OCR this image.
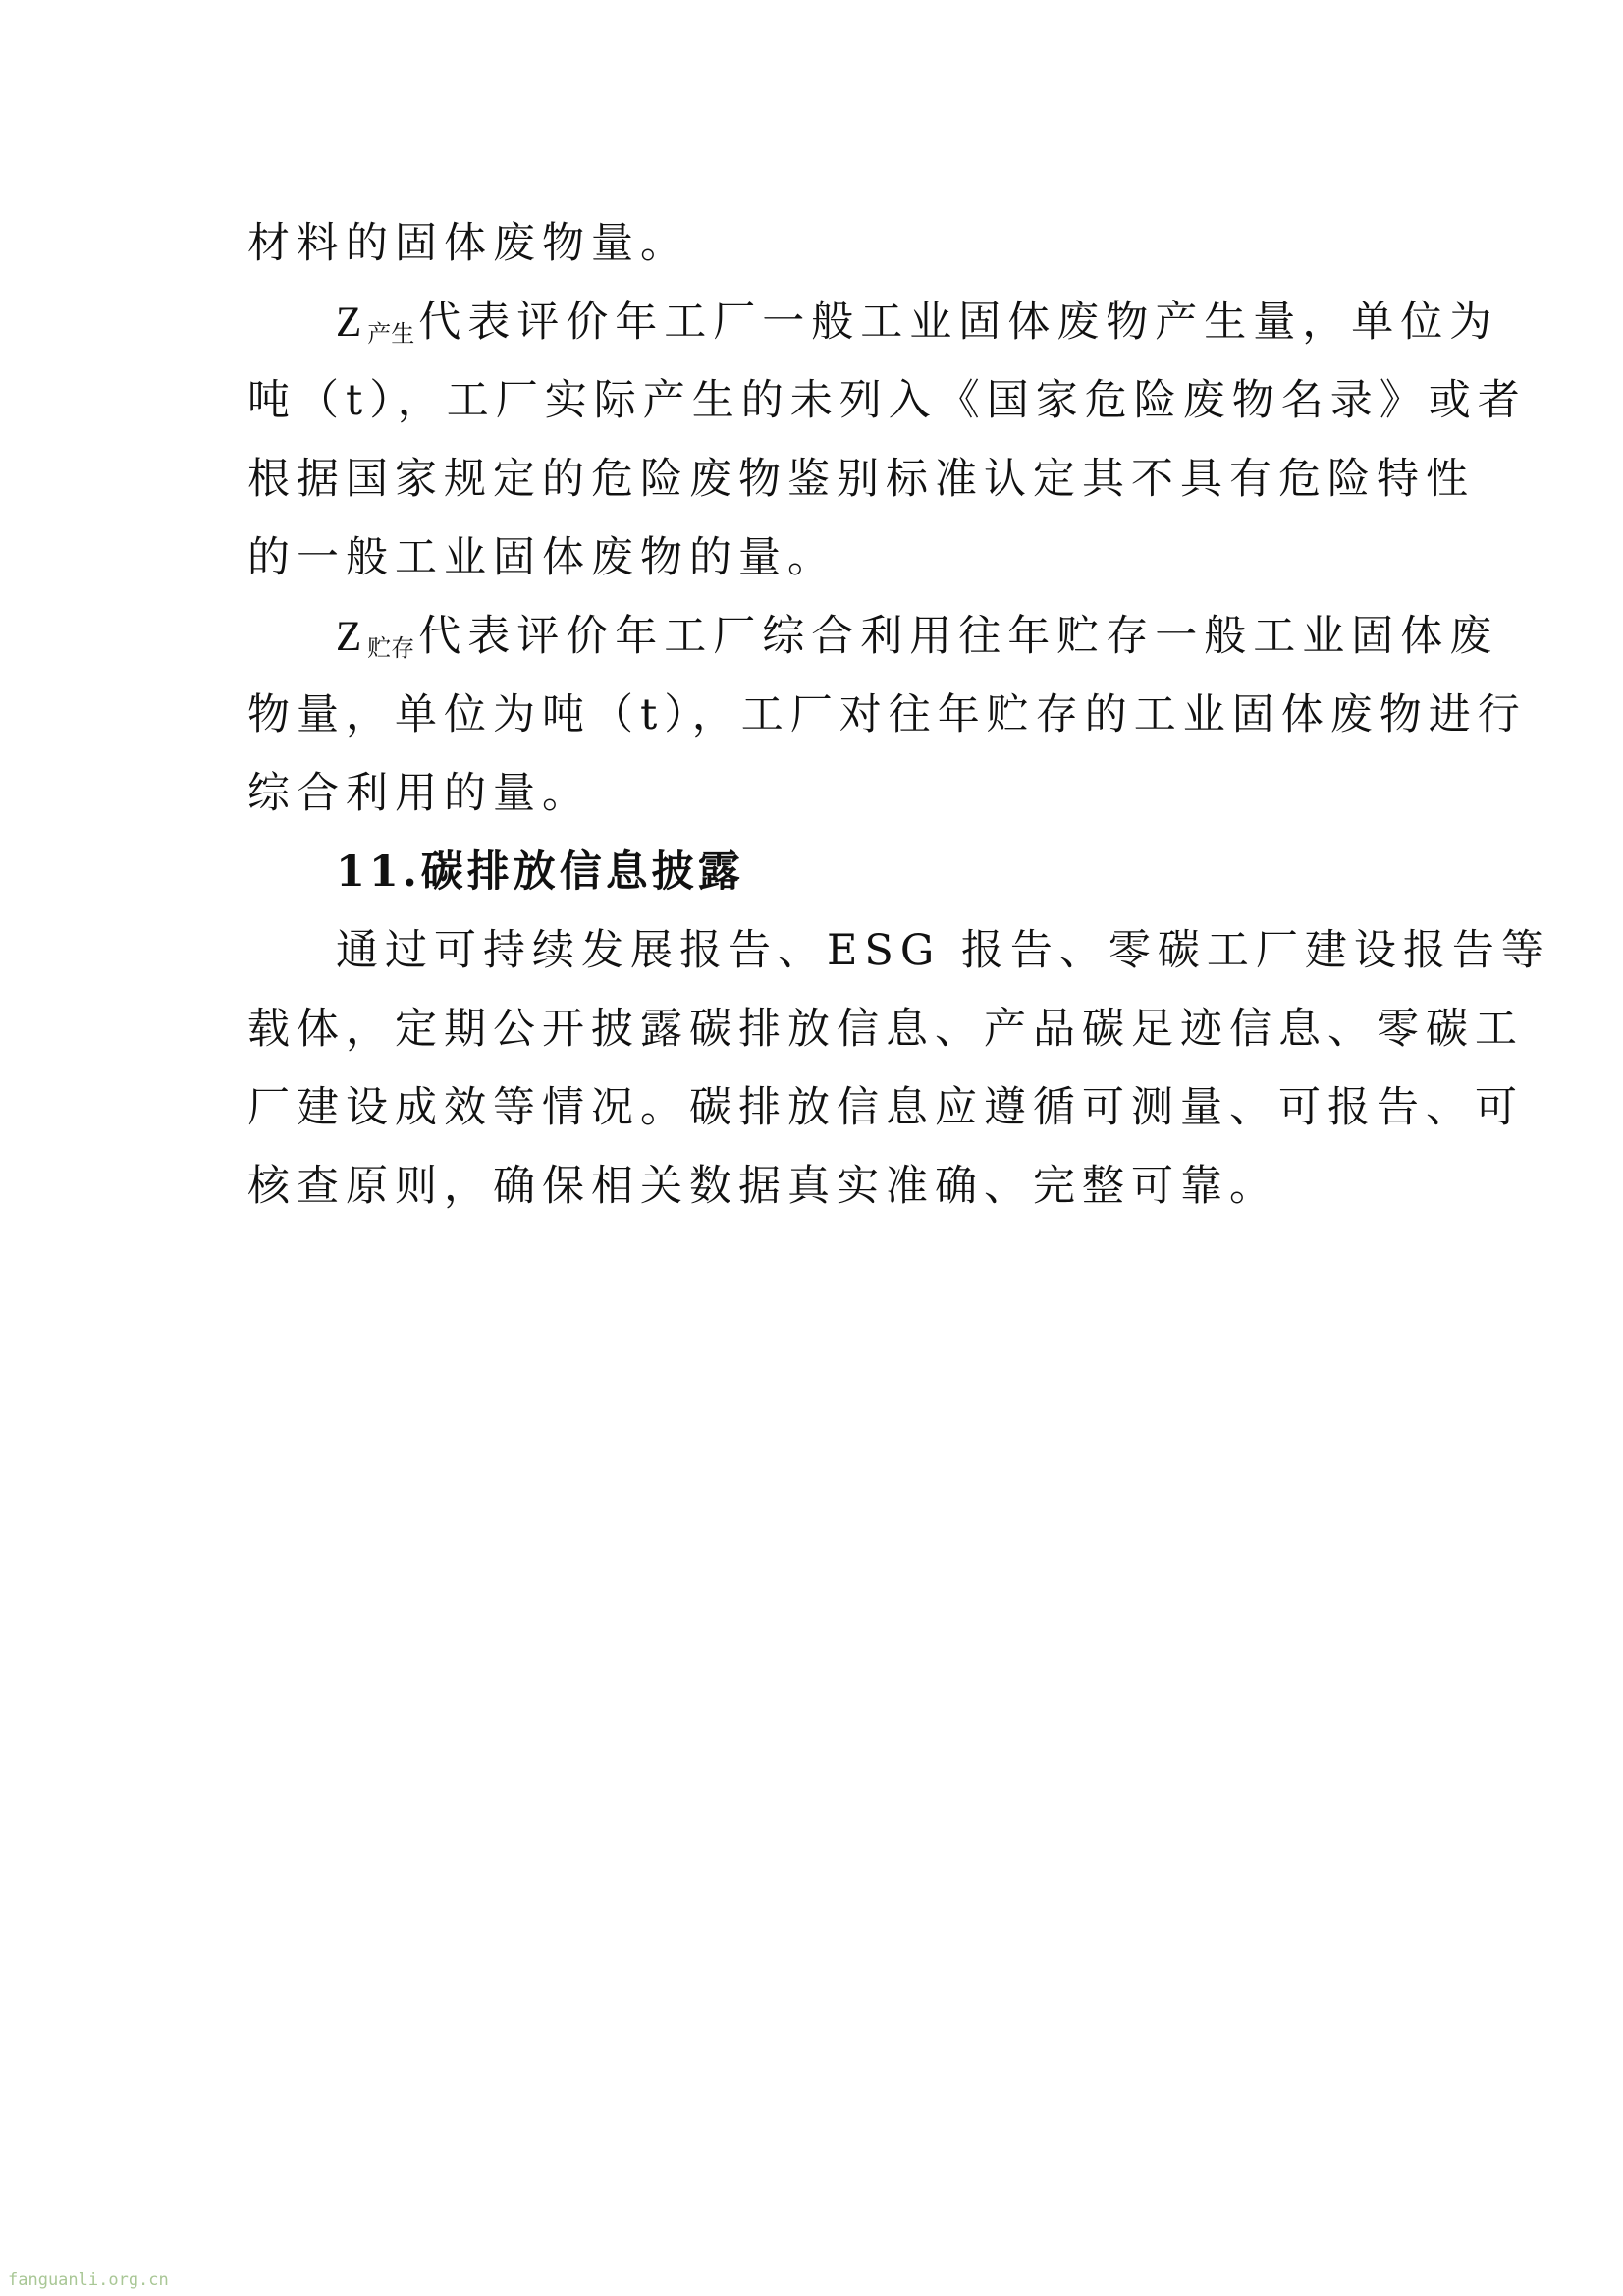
材料的固体废物量。
Z产生代表评价年工厂一般工业固体废物产生量，单位为
吨（t），工厂实际产生的未列入《国家危险废物名录》或者
根据国家规定的危险废物鉴别标准认定其不具有危险特性
的一般工业固体废物的量。
Z贮存代表评价年工厂综合利用往年贮存一般工业固体废
物量，单位为吨（t），工厂对往年贮存的工业固体废物进行
综合利用的量。
11.碳排放信息披露
通过可持续发展报告、ESG 报告、零碳工厂建设报告等
载体，定期公开披露碳排放信息、产品碳足迹信息、零碳工
厂建设成效等情况。碳排放信息应遵循可测量、可报告、可
核查原则，确保相关数据真实准确、完整可靠。
fanguanli.org.cn
